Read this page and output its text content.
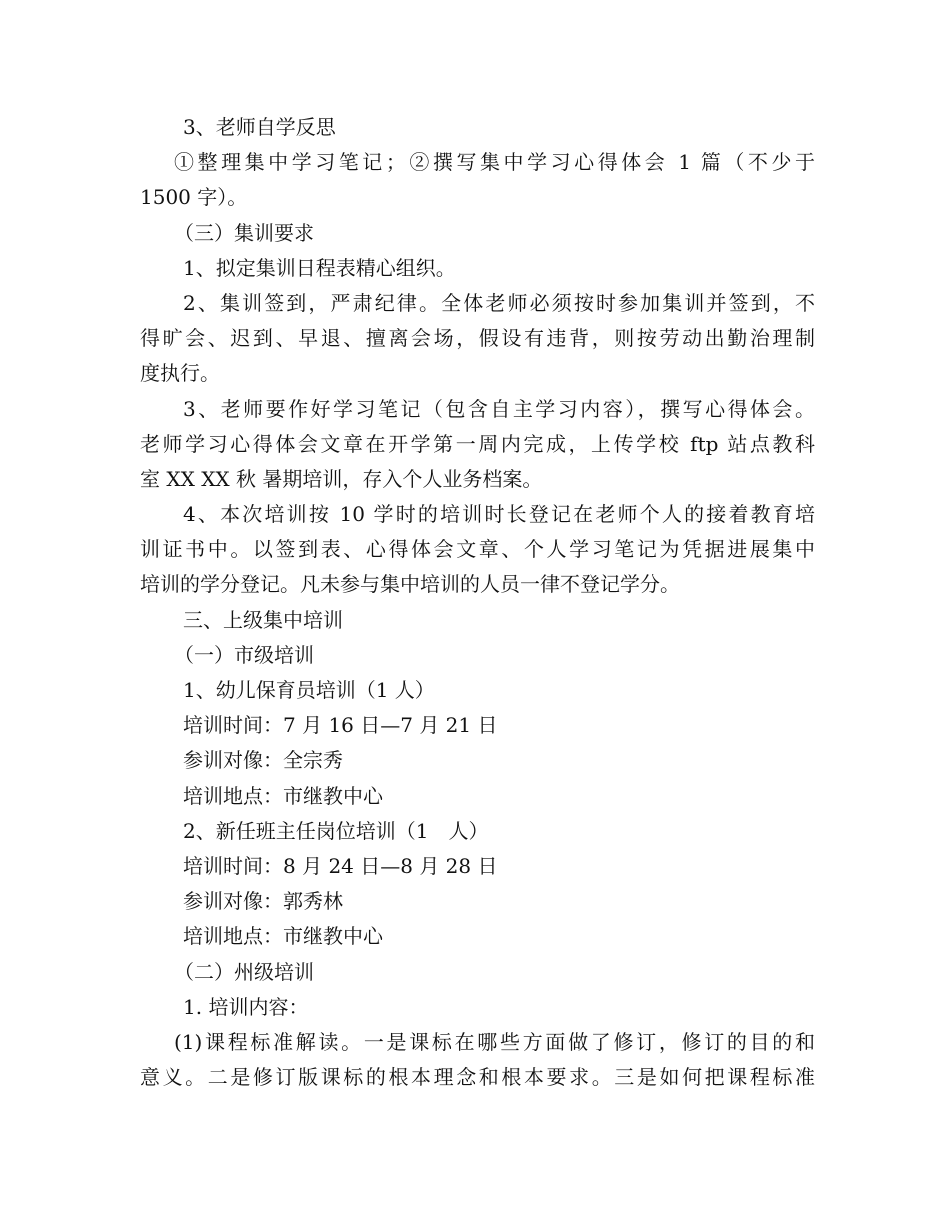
3、老师自学反思
①整理集中学习笔记；②撰写集中学习心得体会 1 篇（不少于
1500 字）。
（三）集训要求
1、拟定集训日程表精心组织。
2、集训签到，严肃纪律。全体老师必须按时参加集训并签到，不
得旷会、迟到、早退、擅离会场，假设有违背，则按劳动出勤治理制
度执行。
3、老师要作好学习笔记（包含自主学习内容），撰写心得体会。
老师学习心得体会文章在开学第一周内完成，上传学校 ftp 站点教科
室 XX XX 秋 暑期培训，存入个人业务档案。
4、本次培训按 10 学时的培训时长登记在老师个人的接着教育培
训证书中。以签到表、心得体会文章、个人学习笔记为凭据进展集中
培训的学分登记。凡未参与集中培训的人员一律不登记学分。
三、上级集中培训
（一）市级培训
1、幼儿保育员培训（1 人）
培训时间：7 月 16 日—7 月 21 日
参训对像：全宗秀
培训地点：市继教中心
2、新任班主任岗位培训（1　人）
培训时间：8 月 24 日—8 月 28 日
参训对像：郭秀林
培训地点：市继教中心
（二）州级培训
1. 培训内容：
(1)课程标准解读。一是课标在哪些方面做了修订，修订的目的和
意义。二是修订版课标的根本理念和根本要求。三是如何把课程标准
